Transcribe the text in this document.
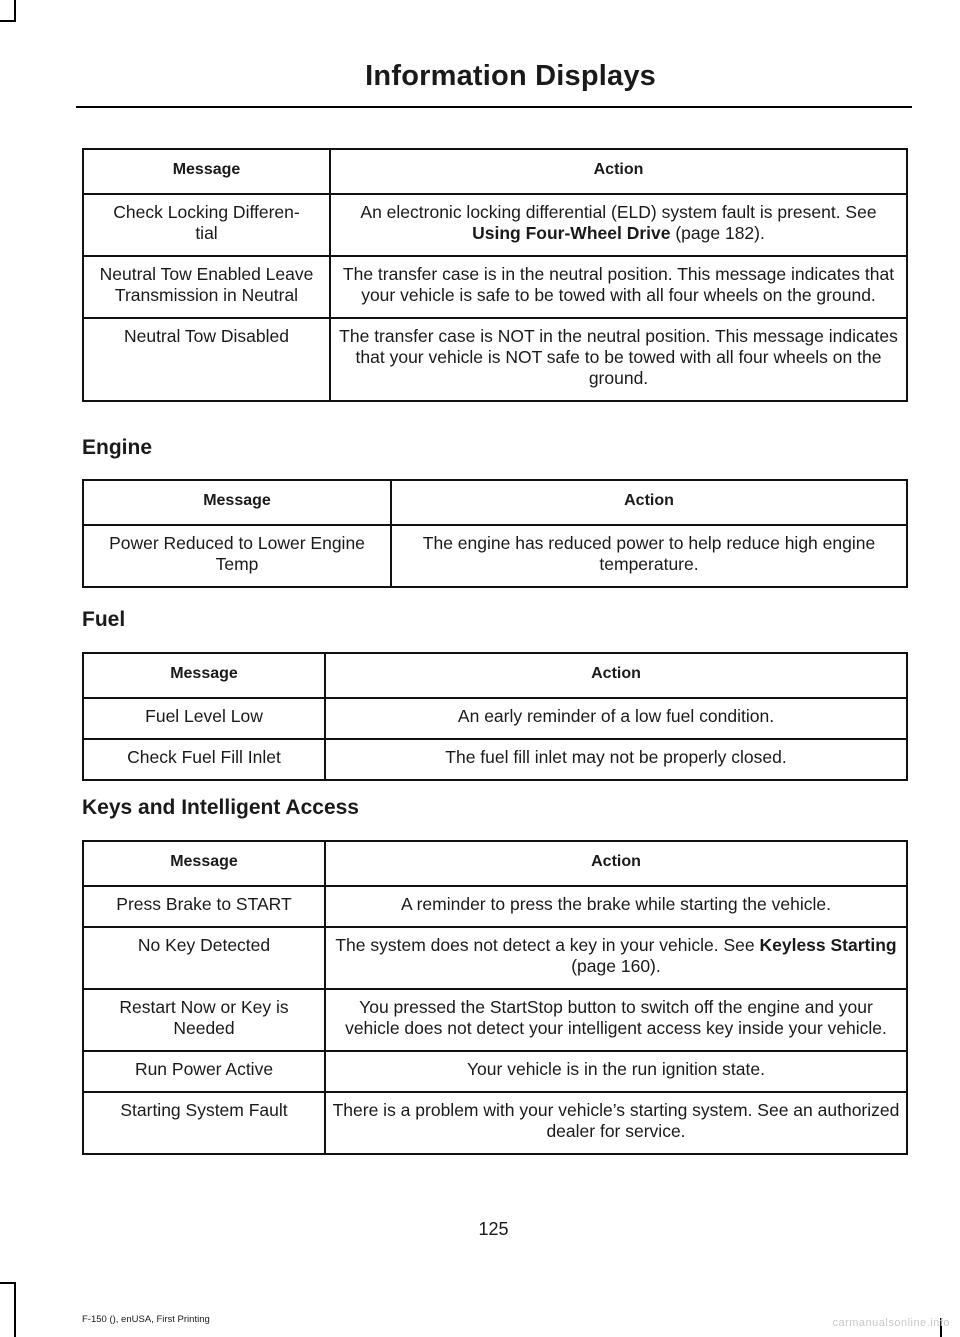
Information Displays
Message	Action
Check Locking Differen-
tial	An electronic locking differential (ELD) system fault is present. See Using Four-Wheel Drive (page 182).
Neutral Tow Enabled Leave Transmission in Neutral	The transfer case is in the neutral position. This message indicates that your vehicle is safe to be towed with all four wheels on the ground.
Neutral Tow Disabled	The transfer case is NOT in the neutral position. This message indicates that your vehicle is NOT safe to be towed with all four wheels on the ground.
Engine
Message	Action
Power Reduced to Lower Engine Temp	The engine has reduced power to help reduce high engine temperature.
Fuel
Message	Action
Fuel Level Low	An early reminder of a low fuel condition.
Check Fuel Fill Inlet	The fuel fill inlet may not be properly closed.
Keys and Intelligent Access
Message	Action
Press Brake to START	A reminder to press the brake while starting the vehicle.
No Key Detected	The system does not detect a key in your vehicle. See Keyless Starting (page 160).
Restart Now or Key is Needed	You pressed the StartStop button to switch off the engine and your vehicle does not detect your intelligent access key inside your vehicle.
Run Power Active	Your vehicle is in the run ignition state.
Starting System Fault	There is a problem with your vehicle’s starting system. See an authorized dealer for service.
125
F-150 (), enUSA, First Printing	carmanualsonline.info
